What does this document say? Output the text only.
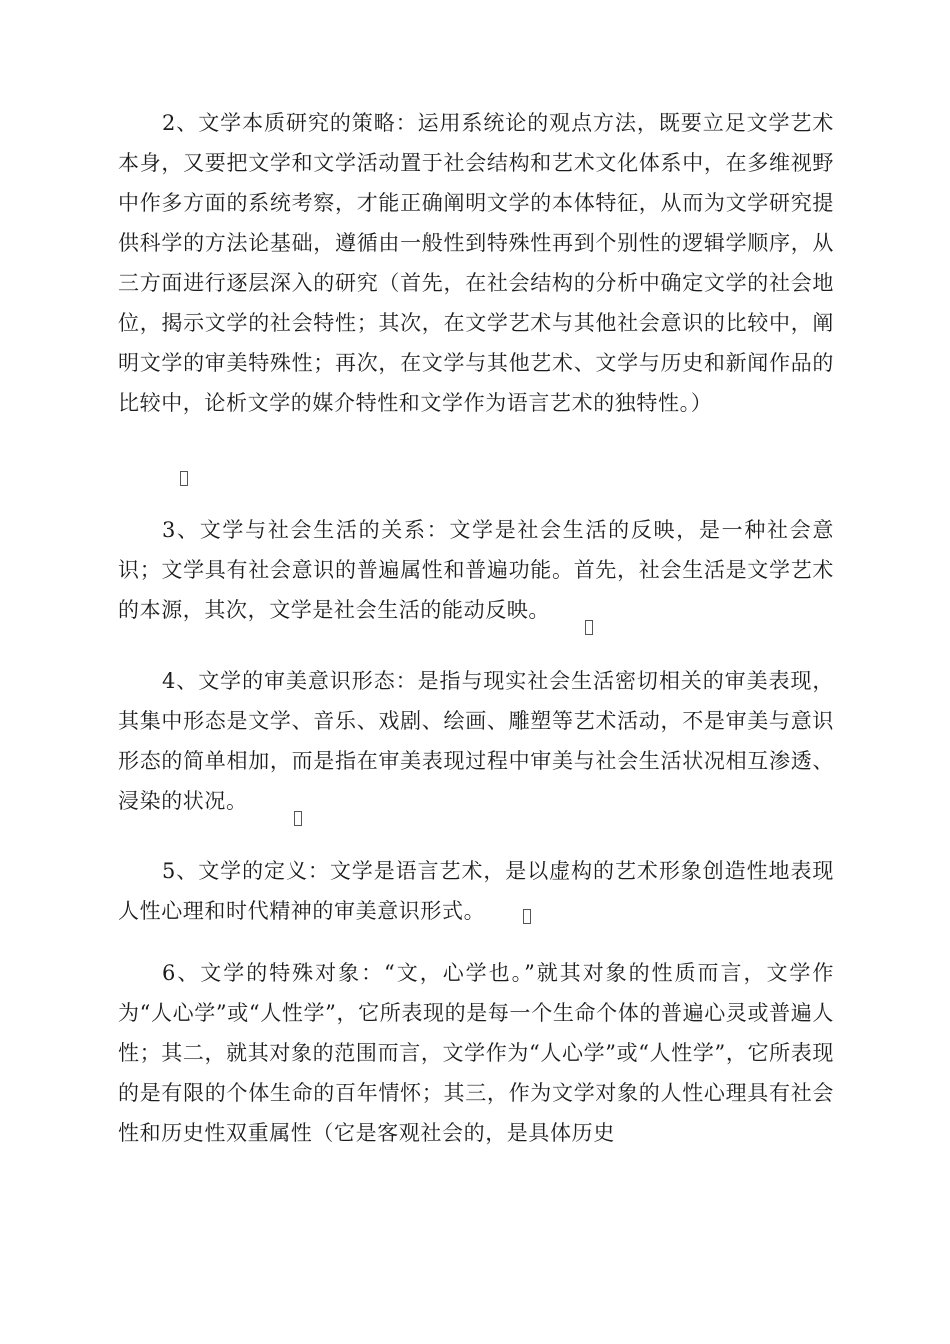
2、文学本质研究的策略：运用系统论的观点方法，既要立足文学艺术本身，又要把文学和文学活动置于社会结构和艺术文化体系中，在多维视野中作多方面的系统考察，才能正确阐明文学的本体特征，从而为文学研究提供科学的方法论基础，遵循由一般性到特殊性再到个别性的逻辑学顺序，从三方面进行逐层深入的研究（首先，在社会结构的分析中确定文学的社会地位，揭示文学的社会特性；其次，在文学艺术与其他社会意识的比较中，阐明文学的审美特殊性；再次，在文学与其他艺术、文学与历史和新闻作品的比较中，论析文学的媒介特性和文学作为语言艺术的独特性。）

3、文学与社会生活的关系：文学是社会生活的反映，是一种社会意识；文学具有社会意识的普遍属性和普遍功能。首先，社会生活是文学艺术的本源，其次，文学是社会生活的能动反映。

4、文学的审美意识形态：是指与现实社会生活密切相关的审美表现，其集中形态是文学、音乐、戏剧、绘画、雕塑等艺术活动，不是审美与意识形态的简单相加，而是指在审美表现过程中审美与社会生活状况相互渗透、浸染的状况。

5、文学的定义：文学是语言艺术，是以虚构的艺术形象创造性地表现人性心理和时代精神的审美意识形式。

6、文学的特殊对象：“文，心学也。”就其对象的性质而言，文学作为“人心学”或“人性学”，它所表现的是每一个生命个体的普遍心灵或普遍人性；其二，就其对象的范围而言，文学作为“人心学”或“人性学”，它所表现的是有限的个体生命的百年情怀；其三，作为文学对象的人性心理具有社会性和历史性双重属性（它是客观社会的，是具体历史
